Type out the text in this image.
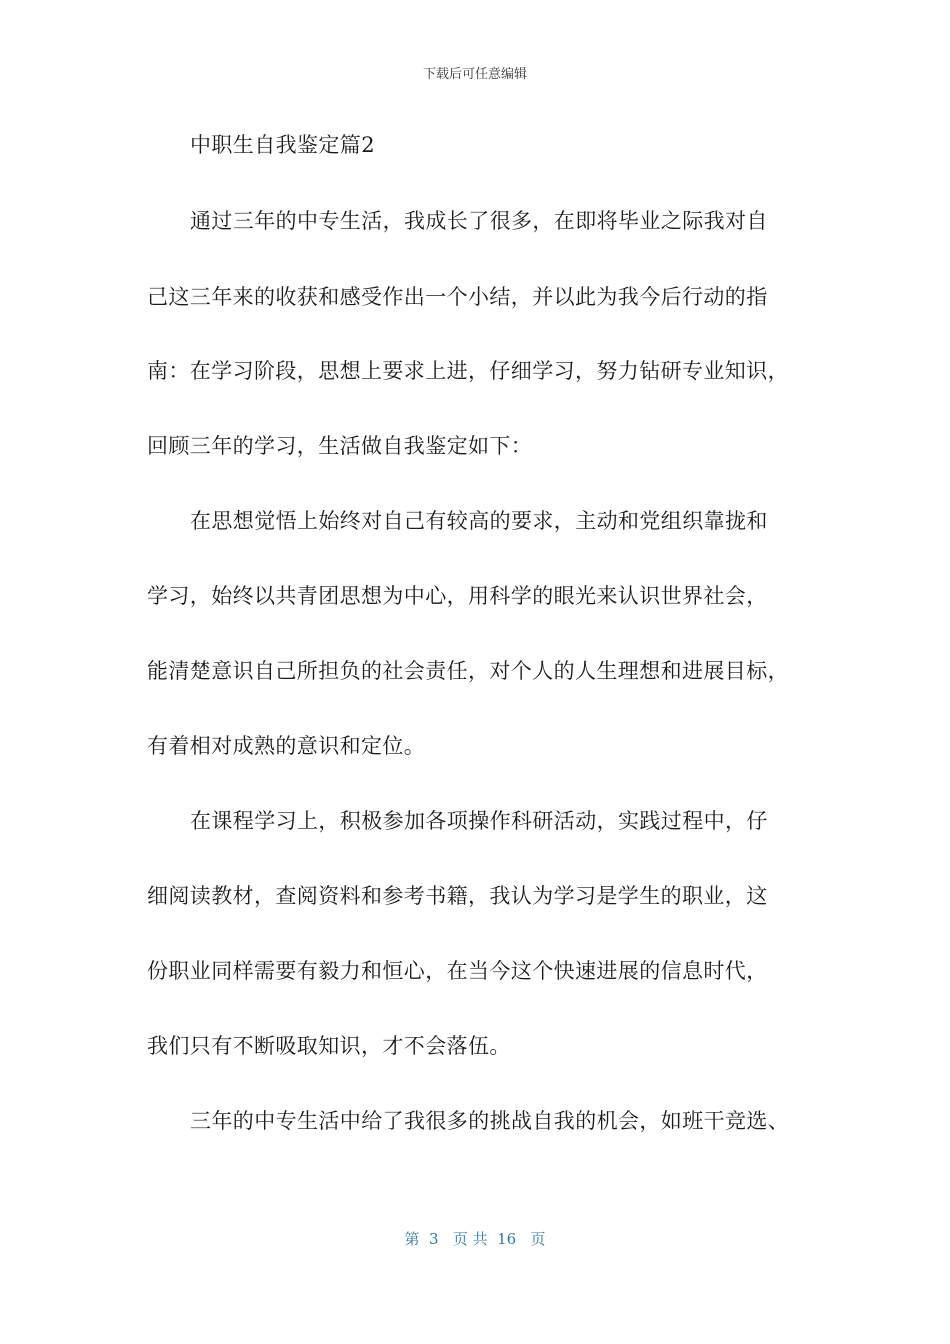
下载后可任意编辑
中职生自我鉴定篇2
通过三年的中专生活，我成长了很多，在即将毕业之际我对自
己这三年来的收获和感受作出一个小结，并以此为我今后行动的指
南：在学习阶段，思想上要求上进，仔细学习，努力钻研专业知识，
回顾三年的学习，生活做自我鉴定如下：
在思想觉悟上始终对自己有较高的要求，主动和党组织靠拢和
学习，始终以共青团思想为中心，用科学的眼光来认识世界社会，
能清楚意识自己所担负的社会责任，对个人的人生理想和进展目标，
有着相对成熟的意识和定位。
在课程学习上，积极参加各项操作科研活动，实践过程中，仔
细阅读教材，查阅资料和参考书籍，我认为学习是学生的职业，这
份职业同样需要有毅力和恒心，在当今这个快速进展的信息时代，
我们只有不断吸取知识，才不会落伍。
三年的中专生活中给了我很多的挑战自我的机会，如班干竞选、
第  3   页 共  16   页
